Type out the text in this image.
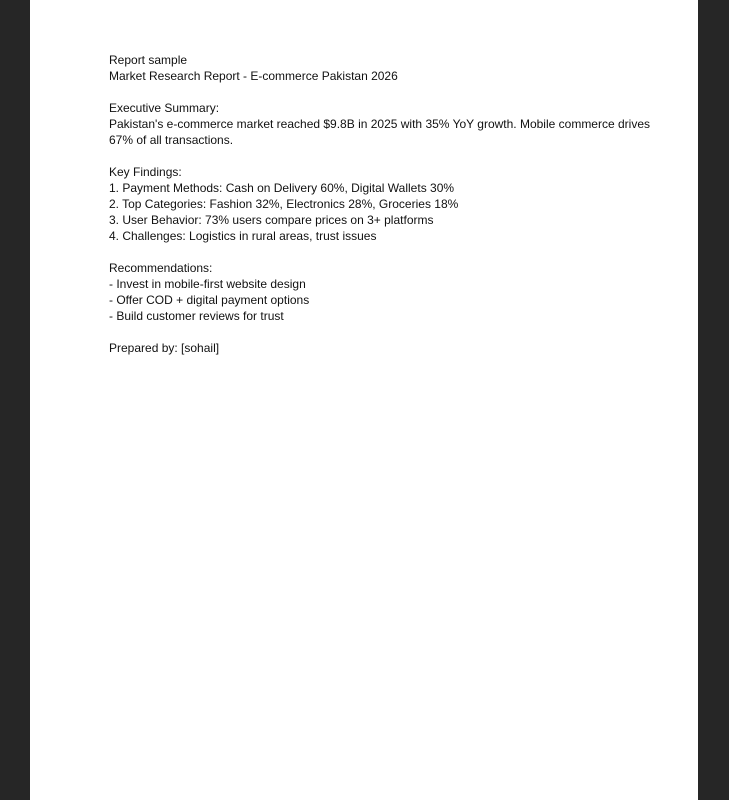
Report sample
Market Research Report - E-commerce Pakistan 2026
Executive Summary:
Pakistan's e-commerce market reached $9.8B in 2025 with 35% YoY growth. Mobile commerce drives 67% of all transactions.
Key Findings:
1. Payment Methods: Cash on Delivery 60%, Digital Wallets 30%
2. Top Categories: Fashion 32%, Electronics 28%, Groceries 18%
3. User Behavior: 73% users compare prices on 3+ platforms
4. Challenges: Logistics in rural areas, trust issues
Recommendations:
- Invest in mobile-first website design
- Offer COD + digital payment options
- Build customer reviews for trust
Prepared by: [sohail]
